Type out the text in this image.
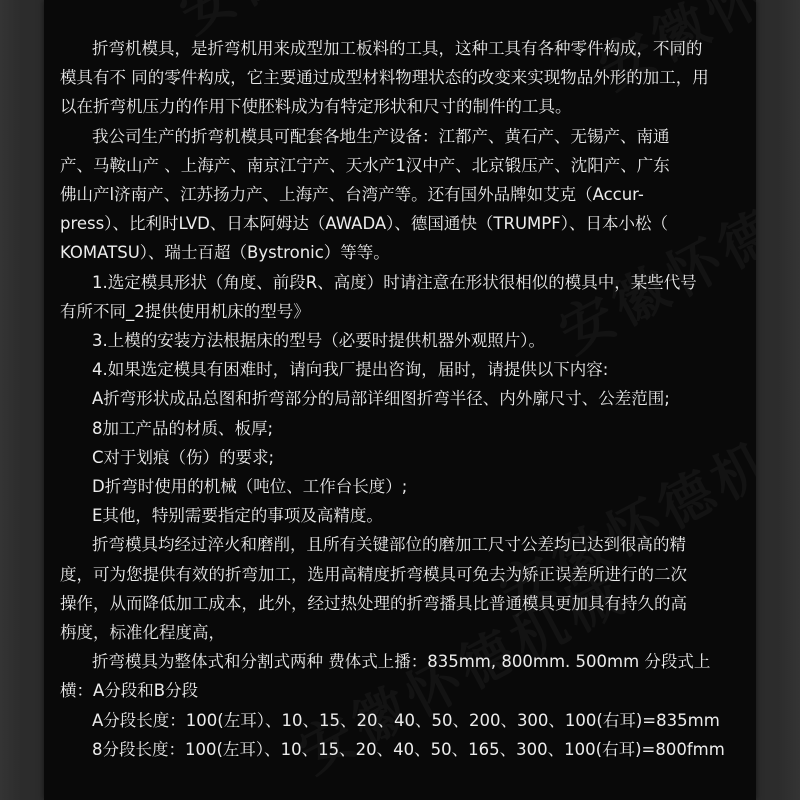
折弯机模具，是折弯机用来成型加工板料的工具，这种工具有各种零件构成，不同的
模具有不 同的零件构成，它主要通过成型材料物理状态的改变来实现物品外形的加工，用
以在折弯机压力的作用下使胚料成为有特定形状和尺寸的制件的工具。
我公司生产的折弯机模具可配套各地生产设备：江都产、黄石产、无锡产、南通
产、马鞍山产 、上海产、南京江宁产、天水产1汉中产、北京锻压产、沈阳产、广东
佛山产l济南产、江苏扬力产、上海产、台湾产等。还有国外品牌如艾克（Accur-
press）、比利时LVD、日本阿姆达（AWADA）、德国通快（TRUMPF）、日本小松（
KOMATSU）、瑞士百超（Bystronic）等等。
1.选定模具形状（角度、前段R、高度）时请注意在形状很相似的模具中，某些代号
有所不同_2提供使用机床的型号》
3.上模的安装方法根据床的型号（必要时提供机器外观照片）。
4.如果选定模具有困难时，请向我厂提出咨询，届时，请提供以下内容:
A折弯形状成品总图和折弯部分的局部详细图折弯半径、内外廓尺寸、公差范围;
8加工产品的材质、板厚;
C对于划痕（伤）的要求;
D折弯时使用的机械（吨位、工作台长度）;
E其他，特别需要指定的事项及高精度。
折弯模具均经过淬火和磨削，且所有关键部位的磨加工尺寸公差均已达到很高的精
度，可为您提供有效的折弯加工，选用高精度折弯模具可免去为矫正误差所进行的二次
操作，从而降低加工成本，此外，经过热处理的折弯播具比普通模具更加具有持久的高
栴度，标准化程度高，
折弯模具为整体式和分割式两种 费体式上播：835mm, 800mm. 500mm 分段式上
横：A分段和B分段
A分段长度：100(左耳）、10、15、20、40、50、200、300、100(右耳)=835mm
8分段长度：100(左耳）、10、15、20、40、50、165、300、100(右耳)=800fmm
